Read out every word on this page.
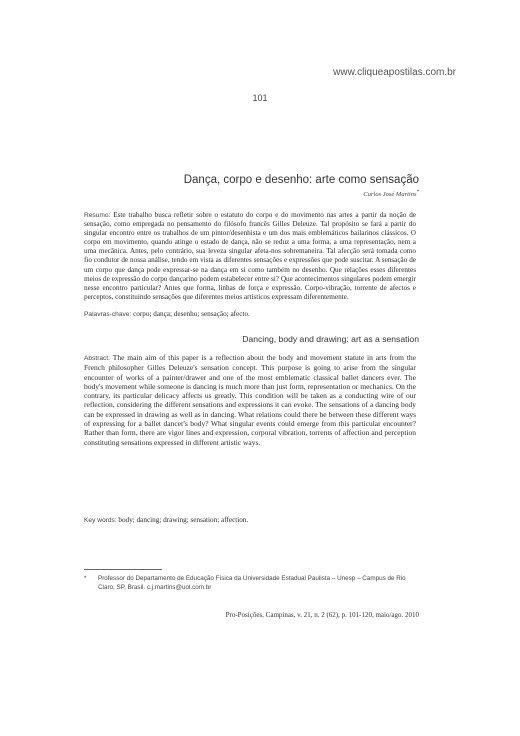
www.cliqueapostilas.com.br
101
Dança, corpo e desenho: arte como sensação
Carlos José Martins*
Resumo: Este trabalho busca refletir sobre o estatuto do corpo e do movimento nas artes a partir da noção de sensação, como empregada no pensamento do filósofo francês Gilles Deleuze. Tal propósito se fará a partir do singular encontro entre os trabalhos de um pintor/desenhista e um dos mais emblemáticos bailarinos clássicos. O corpo em movimento, quando atinge o estado de dança, não se reduz a uma forma, a uma representação, nem a uma mecânica. Antes, pelo contrário, sua leveza singular afeta-nos sobremaneira. Tal afecção será tomada como fio condutor de nossa análise, tendo em vista as diferentes sensações e expressões que pode suscitar. A sensação de um corpo que dança pode expressar-se na dança em si como também no desenho. Que relações esses diferentes meios de expressão do corpo dançarino podem estabelecer entre si? Que acontecimentos singulares podem emergir nesse encontro particular? Antes que forma, linhas de força e expressão. Corpo-vibração, torrente de afectos e perceptos, constituindo sensações que diferentes meios artísticos expressam diferentemente.
Palavras-chave: corpo; dança; desenho; sensação; afecto.
Dancing, body and drawing: art as a sensation
Abstract: The main aim of this paper is a reflection about the body and movement statute in arts from the French philosopher Gilles Deleuze's sensation concept. This purpose is going to arise from the singular encounter of works of a painter/drawer and one of the most emblematic classical ballet dancers ever. The body's movement while someone is dancing is much more than just form, representation or mechanics. On the contrary, its particular delicacy affects us greatly. This condition will be taken as a conducting wire of our reflection, considering the different sensations and expressions it can evoke. The sensations of a dancing body can be expressed in drawing as well as in dancing. What relations could there be between these different ways of expressing for a ballet dancer's body? What singular events could emerge from this particular encounter? Rather than form, there are vigor lines and expression, corporal vibration, torrents of affection and perception constituting sensations expressed in different artistic ways.
Key words: body; dancing; drawing; sensation; affection.
* Professor do Departamento de Educação Física da Universidade Estadual Paulista – Unesp – Campus de Rio Claro, SP, Brasil. c.j.martins@uol.com.br
Pro-Posições, Campinas, v. 21, n. 2 (62), p. 101-120, maio/ago. 2010
